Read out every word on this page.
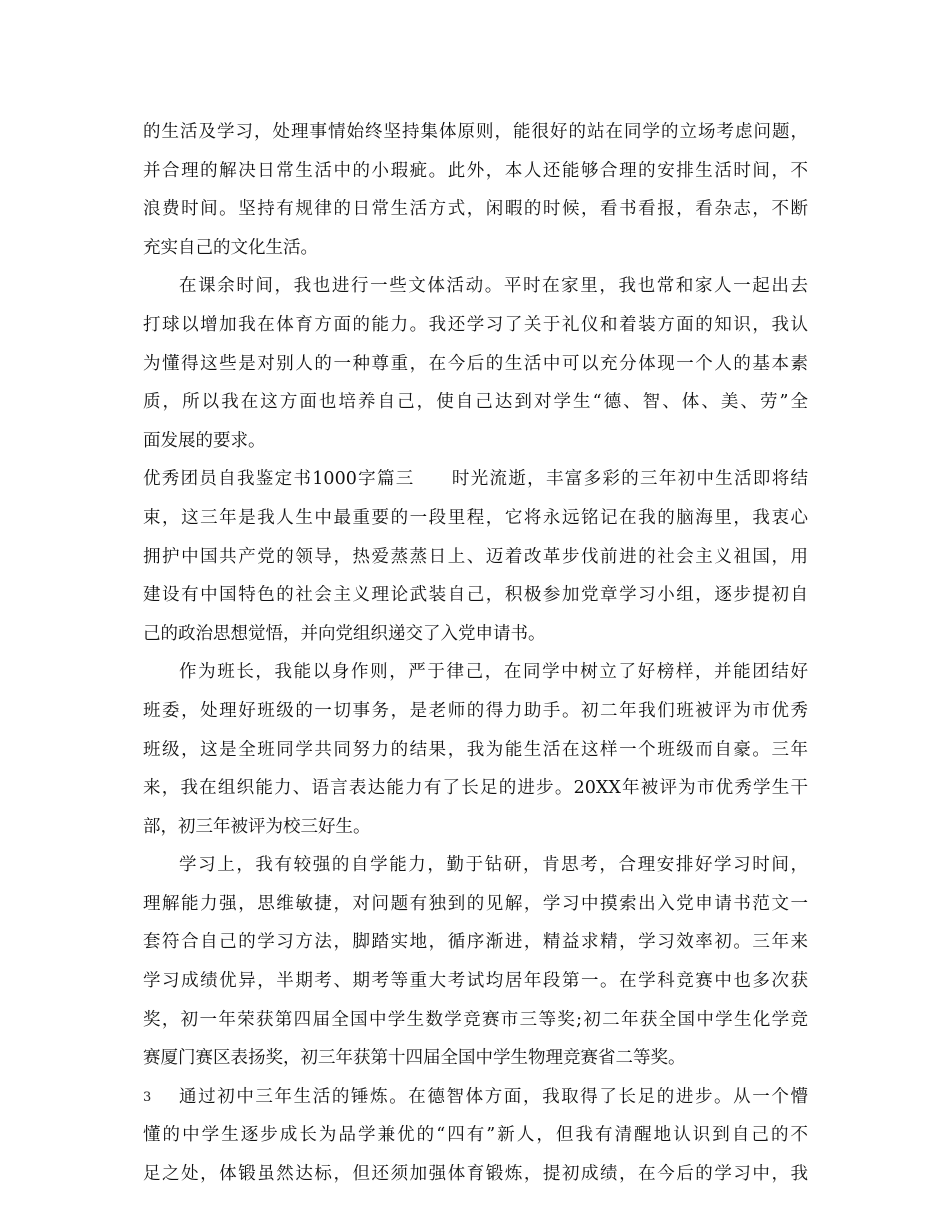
的生活及学习，处理事情始终坚持集体原则，能很好的站在同学的立场考虑问题，
并合理的解决日常生活中的小瑕疵。此外，本人还能够合理的安排生活时间，不
浪费时间。坚持有规律的日常生活方式，闲暇的时候，看书看报，看杂志，不断
充实自己的文化生活。
在课余时间，我也进行一些文体活动。平时在家里，我也常和家人一起出去
打球以增加我在体育方面的能力。我还学习了关于礼仪和着装方面的知识，我认
为懂得这些是对别人的一种尊重，在今后的生活中可以充分体现一个人的基本素
质，所以我在这方面也培养自己，使自己达到对学生“德、智、体、美、劳”全
面发展的要求。
优秀团员自我鉴定书1000字篇三 时光流逝，丰富多彩的三年初中生活即将结
束，这三年是我人生中最重要的一段里程，它将永远铭记在我的脑海里，我衷心
拥护中国共产党的领导，热爱蒸蒸日上、迈着改革步伐前进的社会主义祖国，用
建设有中国特色的社会主义理论武装自己，积极参加党章学习小组，逐步提初自
己的政治思想觉悟，并向党组织递交了入党申请书。
作为班长，我能以身作则，严于律己，在同学中树立了好榜样，并能团结好
班委，处理好班级的一切事务，是老师的得力助手。初二年我们班被评为市优秀
班级，这是全班同学共同努力的结果，我为能生活在这样一个班级而自豪。三年
来，我在组织能力、语言表达能力有了长足的进步。20XX年被评为市优秀学生干
部，初三年被评为校三好生。
学习上，我有较强的自学能力，勤于钻研，肯思考，合理安排好学习时间，
理解能力强，思维敏捷，对问题有独到的见解，学习中摸索出入党申请书范文一
套符合自己的学习方法，脚踏实地，循序渐进，精益求精，学习效率初。三年来
学习成绩优异，半期考、期考等重大考试均居年段第一。在学科竞赛中也多次获
奖，初一年荣获第四届全国中学生数学竞赛市三等奖;初二年获全国中学生化学竞
赛厦门赛区表扬奖，初三年获第十四届全国中学生物理竞赛省二等奖。
通过初中三年生活的锤炼。在德智体方面，我取得了长足的进步。从一个懵
懂的中学生逐步成长为品学兼优的“四有”新人，但我有清醒地认识到自己的不
足之处，体锻虽然达标，但还须加强体育锻炼，提初成绩，在今后的学习中，我
3
